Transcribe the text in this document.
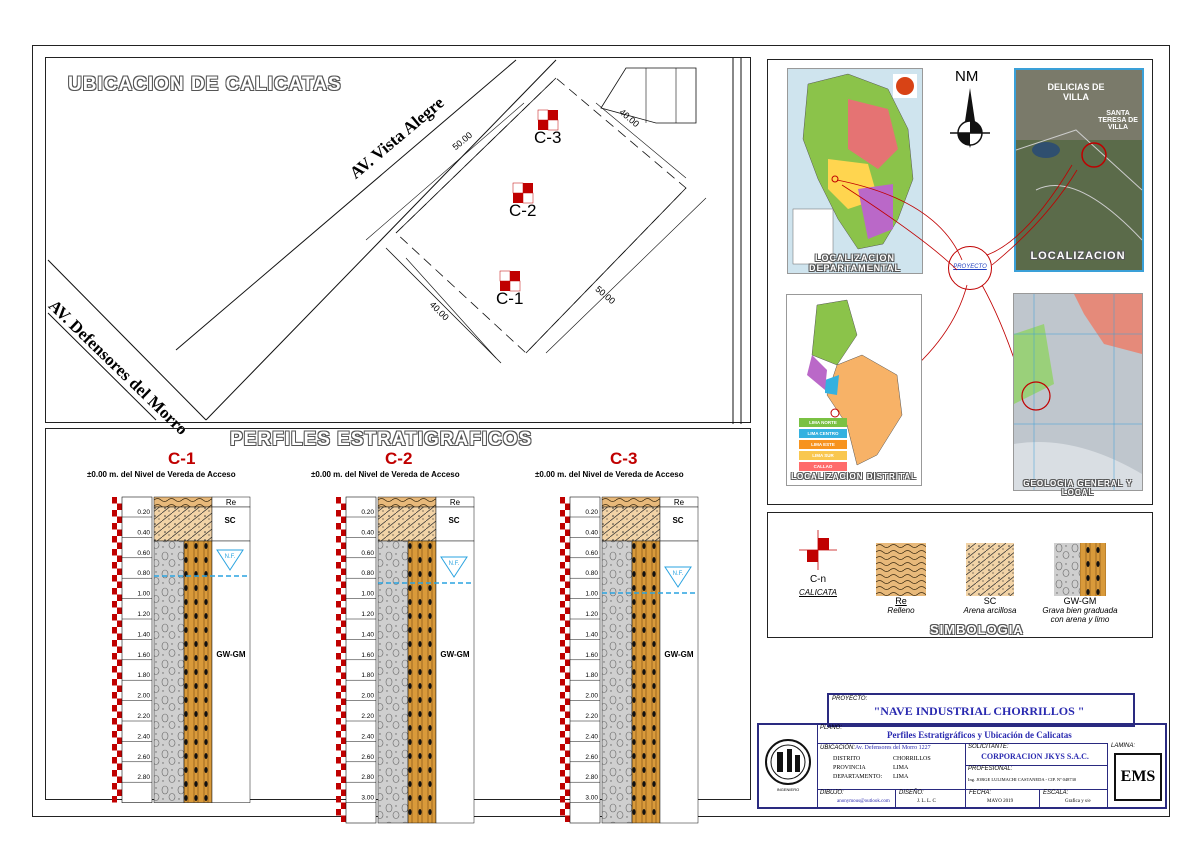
UBICACION DE CALICATAS
AV. Vista Alegre
AV. Defensores del Morro
50.00
40.00
40.00
50.00
C-3
C-2
C-1
PERFILES ESTRATIGRAFICOS
C-1
±0.00 m. del Nivel de Vereda de Acceso
0.20
0.40
0.60
0.80
1.00
1.20
1.40
1.60
1.80
2.00
2.20
2.40
2.60
2.80
Re
SC
GW-GM
N.F.
C-2
±0.00 m. del Nivel de Vereda de Acceso
0.20
0.40
0.60
0.80
1.00
1.20
1.40
1.60
1.80
2.00
2.20
2.40
2.60
2.80
3.00
Re
SC
GW-GM
N.F.
C-3
±0.00 m. del Nivel de Vereda de Acceso
0.20
0.40
0.60
0.80
1.00
1.20
1.40
1.60
1.80
2.00
2.20
2.40
2.60
2.80
3.00
Re
SC
GW-GM
N.F.
LOCALIZACION DEPARTAMENTAL
NM
DELICIAS DE VILLA
SANTA TERESA DE VILLA
LOCALIZACION
PROYECTO
LIMA NORTE
LIMA CENTRO
LIMA ESTE
LIMA SUR
CALLAO
LOCALIZACION DISTRITAL
GEOLOGIA GENERAL Y LOCAL
C-n
CALICATA
Re
Relleno
SC
Arena arcillosa
GW-GM
Grava bien graduada
con arena y limo
SIMBOLOGIA
PROYECTO:
"NAVE INDUSTRIAL CHORRILLOS "
INGENIERO
PLANO:
Perfiles Estratigráficos y Ubicación de Calicatas
LAMINA:
EMS
UBICACIÓN: Av. Defensores del Morro 1227
DISTRITO	CHORRILLOS
PROVINCIA	LIMA
DEPARTAMENTO: LIMA
SOLICITANTE:
CORPORACION JKYS S.A.C.
PROFESIONAL:
Ing. JORGE LULIMACHI CASTANEDA - CIP. Nº 048730
DIBUJO:
anonymous@outlook.com
DISEÑO:
J. L. L. C
FECHA:
MAYO 2019
ESCALA:
Grafica y s/e
